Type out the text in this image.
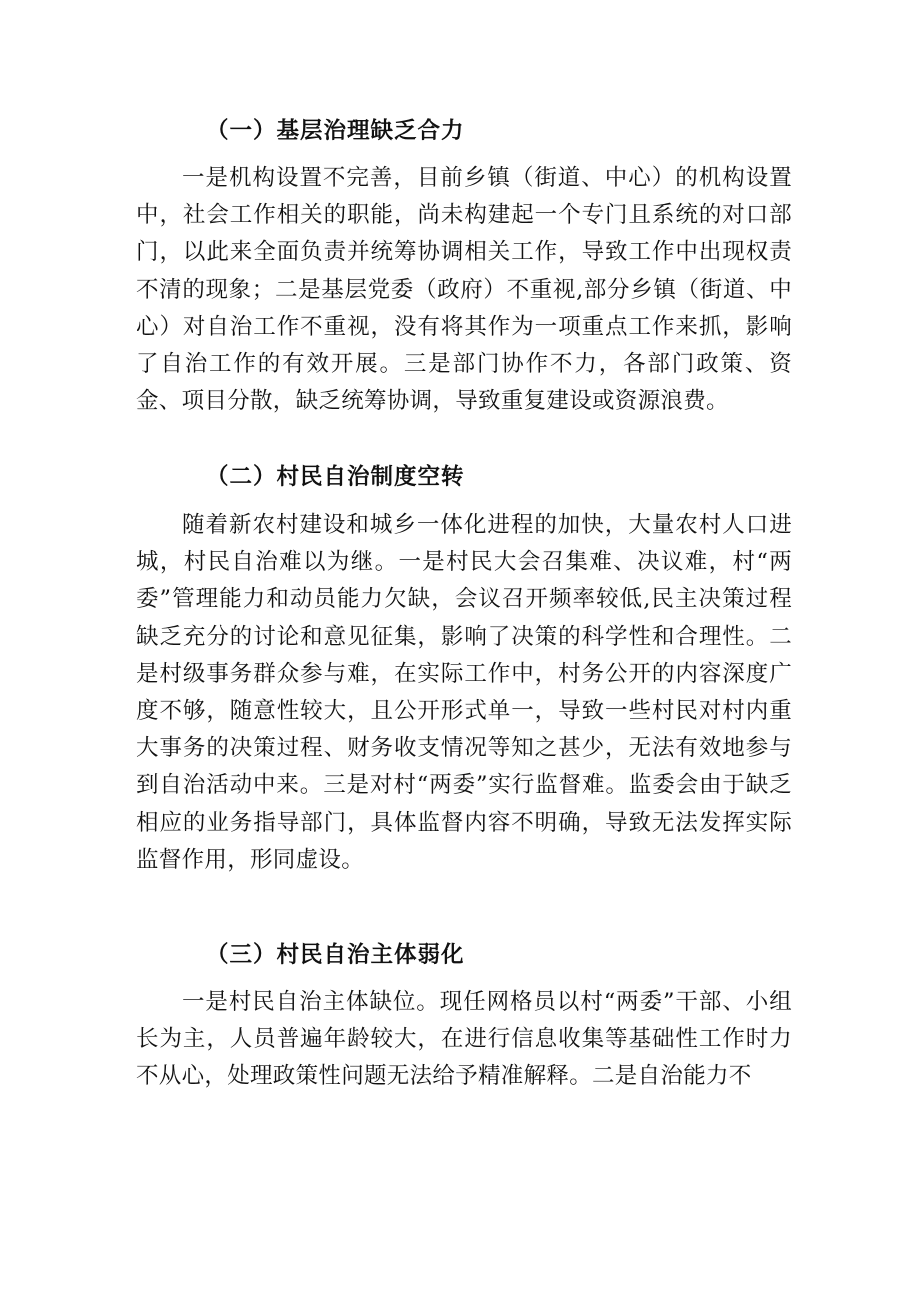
（一）基层治理缺乏合力

一是机构设置不完善，目前乡镇（街道、中心）的机构设置中，社会工作相关的职能，尚未构建起一个专门且系统的对口部门，以此来全面负责并统筹协调相关工作，导致工作中出现权责不清的现象；二是基层党委（政府）不重视,部分乡镇（街道、中心）对自治工作不重视，没有将其作为一项重点工作来抓，影响了自治工作的有效开展。三是部门协作不力，各部门政策、资金、项目分散，缺乏统筹协调，导致重复建设或资源浪费。

（二）村民自治制度空转

随着新农村建设和城乡一体化进程的加快，大量农村人口进城，村民自治难以为继。一是村民大会召集难、决议难，村“两委”管理能力和动员能力欠缺，会议召开频率较低,民主决策过程缺乏充分的讨论和意见征集，影响了决策的科学性和合理性。二是村级事务群众参与难，在实际工作中，村务公开的内容深度广度不够，随意性较大，且公开形式单一，导致一些村民对村内重大事务的决策过程、财务收支情况等知之甚少，无法有效地参与到自治活动中来。三是对村“两委”实行监督难。监委会由于缺乏相应的业务指导部门，具体监督内容不明确，导致无法发挥实际监督作用，形同虚设。

（三）村民自治主体弱化

一是村民自治主体缺位。现任网格员以村“两委”干部、小组长为主，人员普遍年龄较大，在进行信息收集等基础性工作时力不从心，处理政策性问题无法给予精准解释。二是自治能力不
